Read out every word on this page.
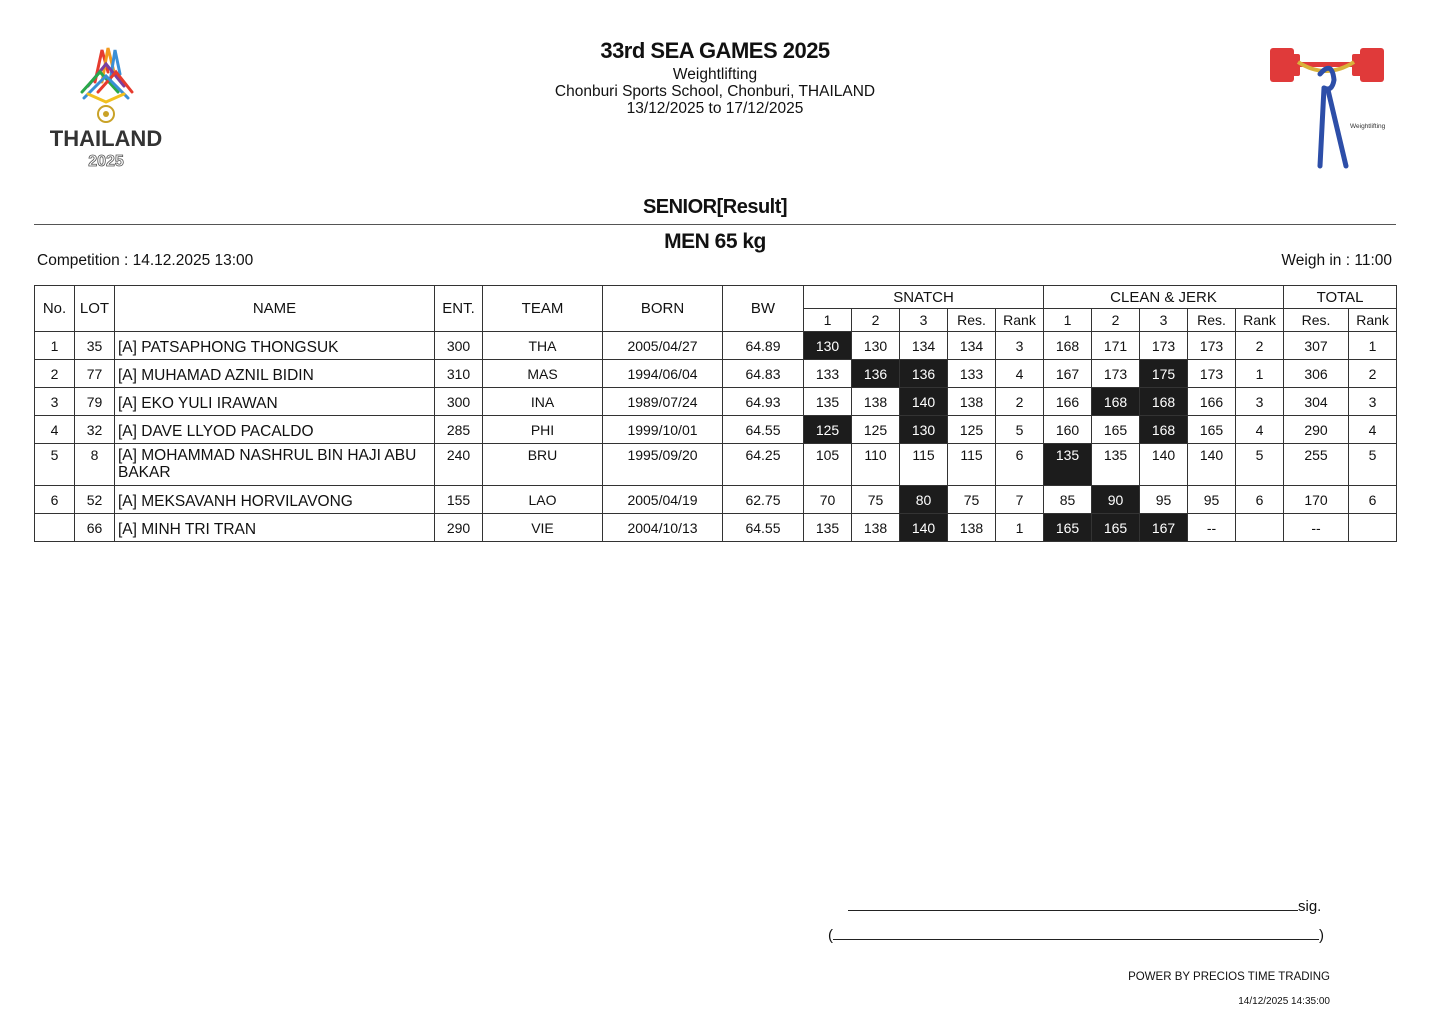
THAILAND
2025
Weightlifting
33rd SEA GAMES 2025
Weightlifting
Chonburi Sports School, Chonburi, THAILAND
13/12/2025 to 17/12/2025
SENIOR[Result]
MEN 65 kg
Competition : 14.12.2025 13:00	Weigh in : 11:00
No.	LOT	NAME	ENT.	TEAM	BORN	BW	SNATCH					CLEAN & JERK					TOTAL	
							1	2	3	Res.	Rank	1	2	3	Res.	Rank	Res.	Rank
1	35	[A] PATSAPHONG THONGSUK	300	THA	2005/04/27	64.89	130	130	134	134	3	168	171	173	173	2	307	1
2	77	[A] MUHAMAD AZNIL BIDIN	310	MAS	1994/06/04	64.83	133	136	136	133	4	167	173	175	173	1	306	2
3	79	[A] EKO YULI IRAWAN	300	INA	1989/07/24	64.93	135	138	140	138	2	166	168	168	166	3	304	3
4	32	[A] DAVE LLYOD PACALDO	285	PHI	1999/10/01	64.55	125	125	130	125	5	160	165	168	165	4	290	4
5	8	[A] MOHAMMAD NASHRUL BIN HAJI ABU BAKAR	240	BRU	1995/09/20	64.25	105	110	115	115	6	135	135	140	140	5	255	5
6	52	[A] MEKSAVANH HORVILAVONG	155	LAO	2005/04/19	62.75	70	75	80	75	7	85	90	95	95	6	170	6
	66	[A] MINH TRI TRAN	290	VIE	2004/10/13	64.55	135	138	140	138	1	165	165	167	--		--	
sig.
(	)
POWER BY PRECIOS TIME TRADING
14/12/2025 14:35:00
